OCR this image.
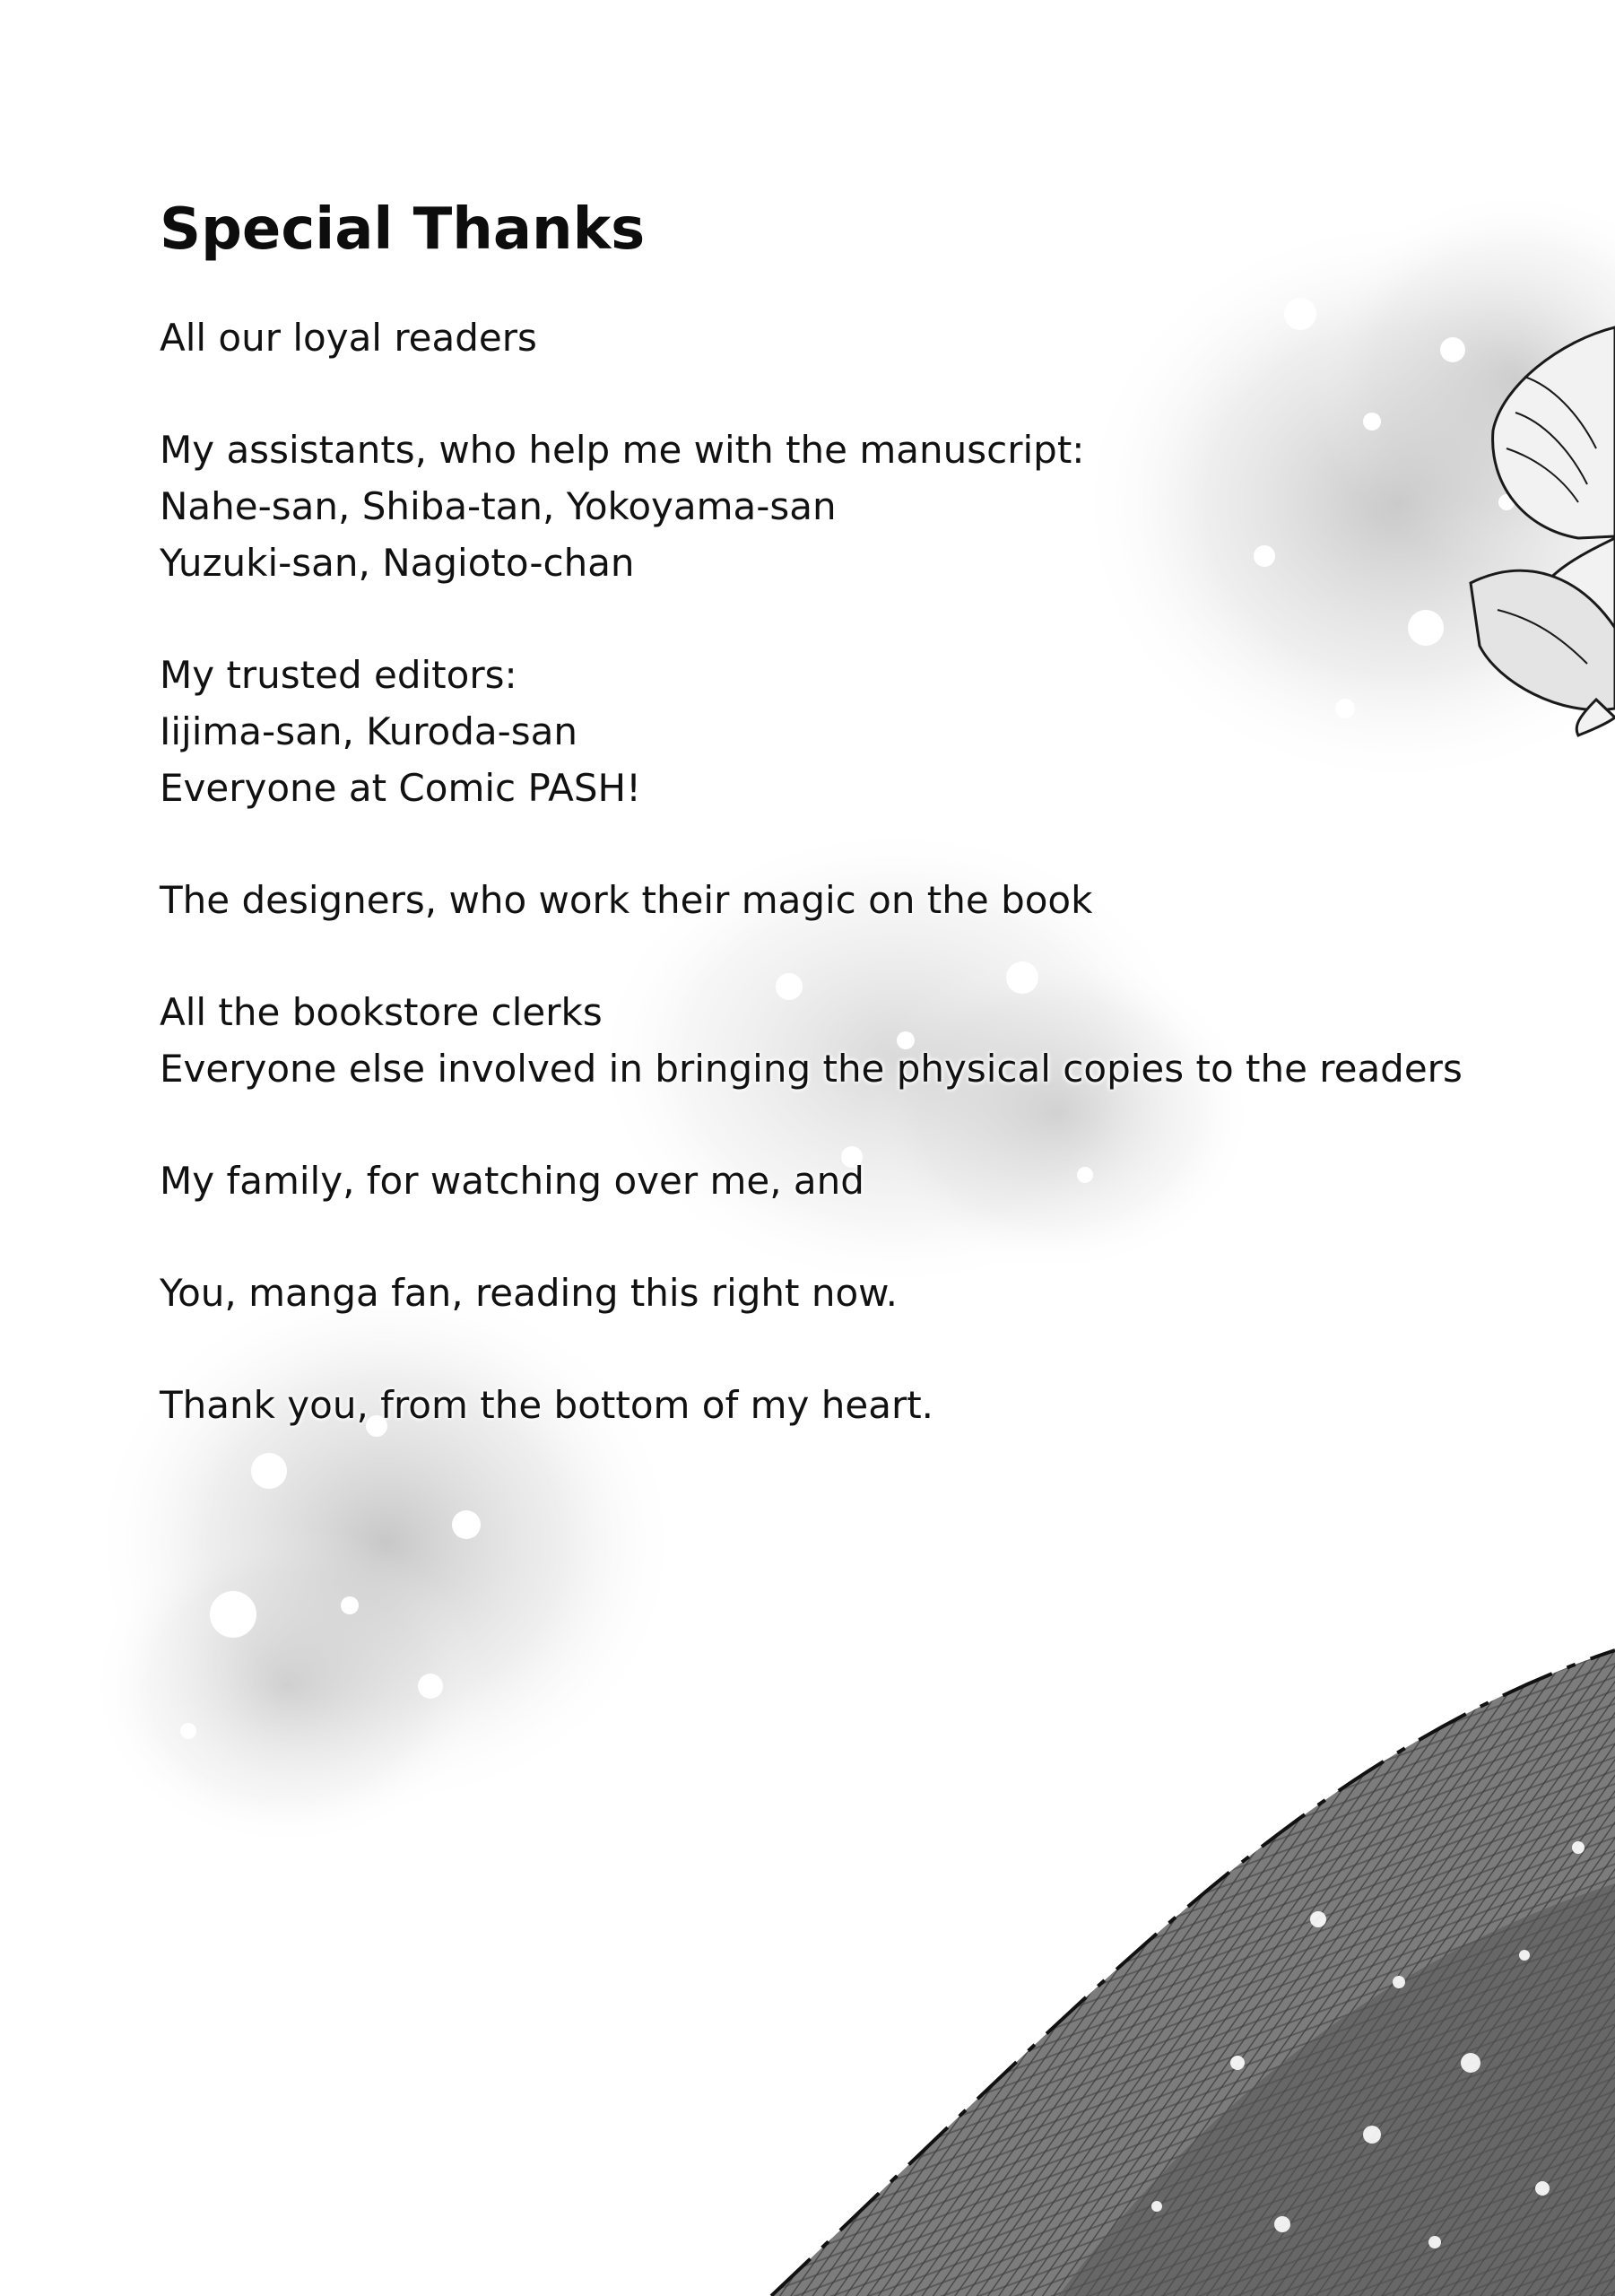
Special Thanks
All our loyal readers
My assistants, who help me with the manuscript:
Nahe-san, Shiba-tan, Yokoyama-san
Yuzuki-san, Nagioto-chan
My trusted editors:
Iijima-san, Kuroda-san
Everyone at Comic PASH!
The designers, who work their magic on the book
All the bookstore clerks
Everyone else involved in bringing the physical copies to the readers
My family, for watching over me, and
You, manga fan, reading this right now.
Thank you, from the bottom of my heart.
